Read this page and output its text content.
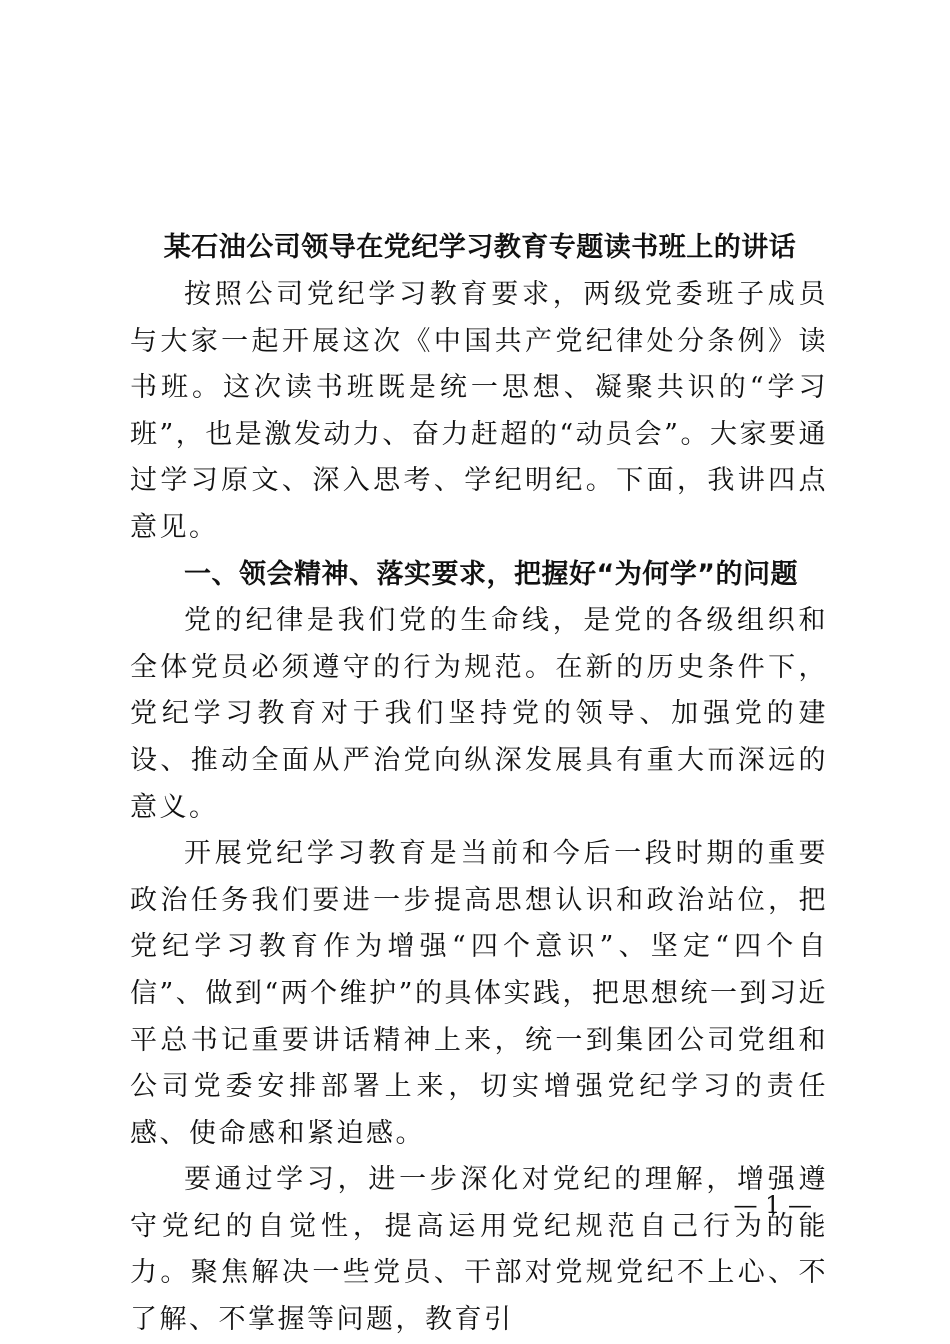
某石油公司领导在党纪学习教育专题读书班上的讲话

按照公司党纪学习教育要求，两级党委班子成员与大家一起开展这次《中国共产党纪律处分条例》读书班。这次读书班既是统一思想、凝聚共识的“学习班”，也是激发动力、奋力赶超的“动员会”。大家要通过学习原文、深入思考、学纪明纪。下面，我讲四点意见。

一、领会精神、落实要求，把握好“为何学”的问题

党的纪律是我们党的生命线，是党的各级组织和全体党员必须遵守的行为规范。在新的历史条件下，党纪学习教育对于我们坚持党的领导、加强党的建设、推动全面从严治党向纵深发展具有重大而深远的意义。

开展党纪学习教育是当前和今后一段时期的重要政治任务我们要进一步提高思想认识和政治站位，把党纪学习教育作为增强“四个意识”、坚定“四个自信”、做到“两个维护”的具体实践，把思想统一到习近平总书记重要讲话精神上来，统一到集团公司党组和公司党委安排部署上来，切实增强党纪学习的责任感、使命感和紧迫感。

要通过学习，进一步深化对党纪的理解，增强遵守党纪的自觉性，提高运用党纪规范自己行为的能力。聚焦解决一些党员、干部对党规党纪不上心、不了解、不掌握等问题，教育引

— 1 —
